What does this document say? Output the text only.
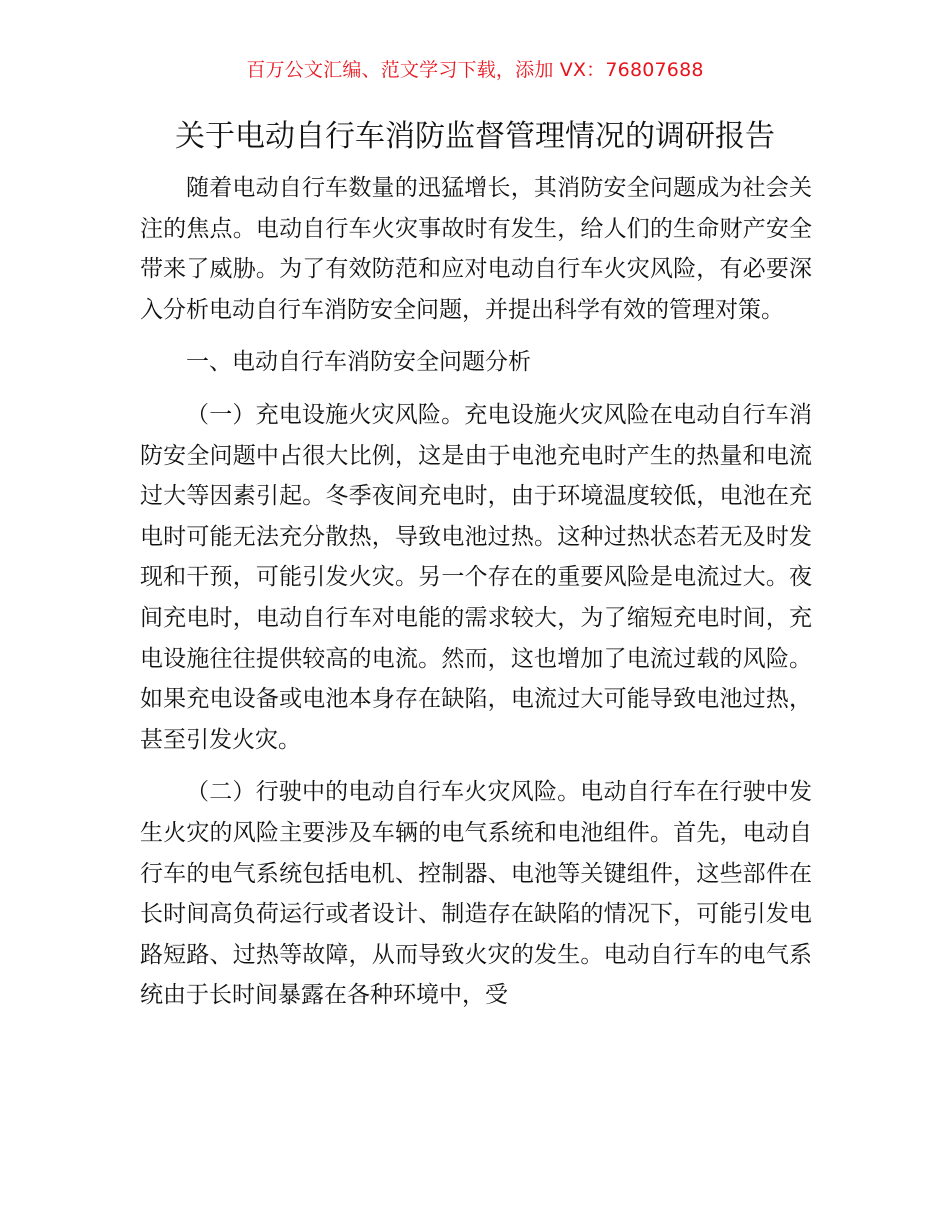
百万公文汇编、范文学习下载，添加 VX：76807688
关于电动自行车消防监督管理情况的调研报告

随着电动自行车数量的迅猛增长，其消防安全问题成为社会关注的焦点。电动自行车火灾事故时有发生，给人们的生命财产安全带来了威胁。为了有效防范和应对电动自行车火灾风险，有必要深入分析电动自行车消防安全问题，并提出科学有效的管理对策。

一、电动自行车消防安全问题分析

（一）充电设施火灾风险。充电设施火灾风险在电动自行车消防安全问题中占很大比例，这是由于电池充电时产生的热量和电流过大等因素引起。冬季夜间充电时，由于环境温度较低，电池在充电时可能无法充分散热，导致电池过热。这种过热状态若无及时发现和干预，可能引发火灾。另一个存在的重要风险是电流过大。夜间充电时，电动自行车对电能的需求较大，为了缩短充电时间，充电设施往往提供较高的电流。然而，这也增加了电流过载的风险。如果充电设备或电池本身存在缺陷，电流过大可能导致电池过热，甚至引发火灾。

（二）行驶中的电动自行车火灾风险。电动自行车在行驶中发生火灾的风险主要涉及车辆的电气系统和电池组件。首先，电动自行车的电气系统包括电机、控制器、电池等关键组件，这些部件在长时间高负荷运行或者设计、制造存在缺陷的情况下，可能引发电路短路、过热等故障，从而导致火灾的发生。电动自行车的电气系统由于长时间暴露在各种环境中，受
